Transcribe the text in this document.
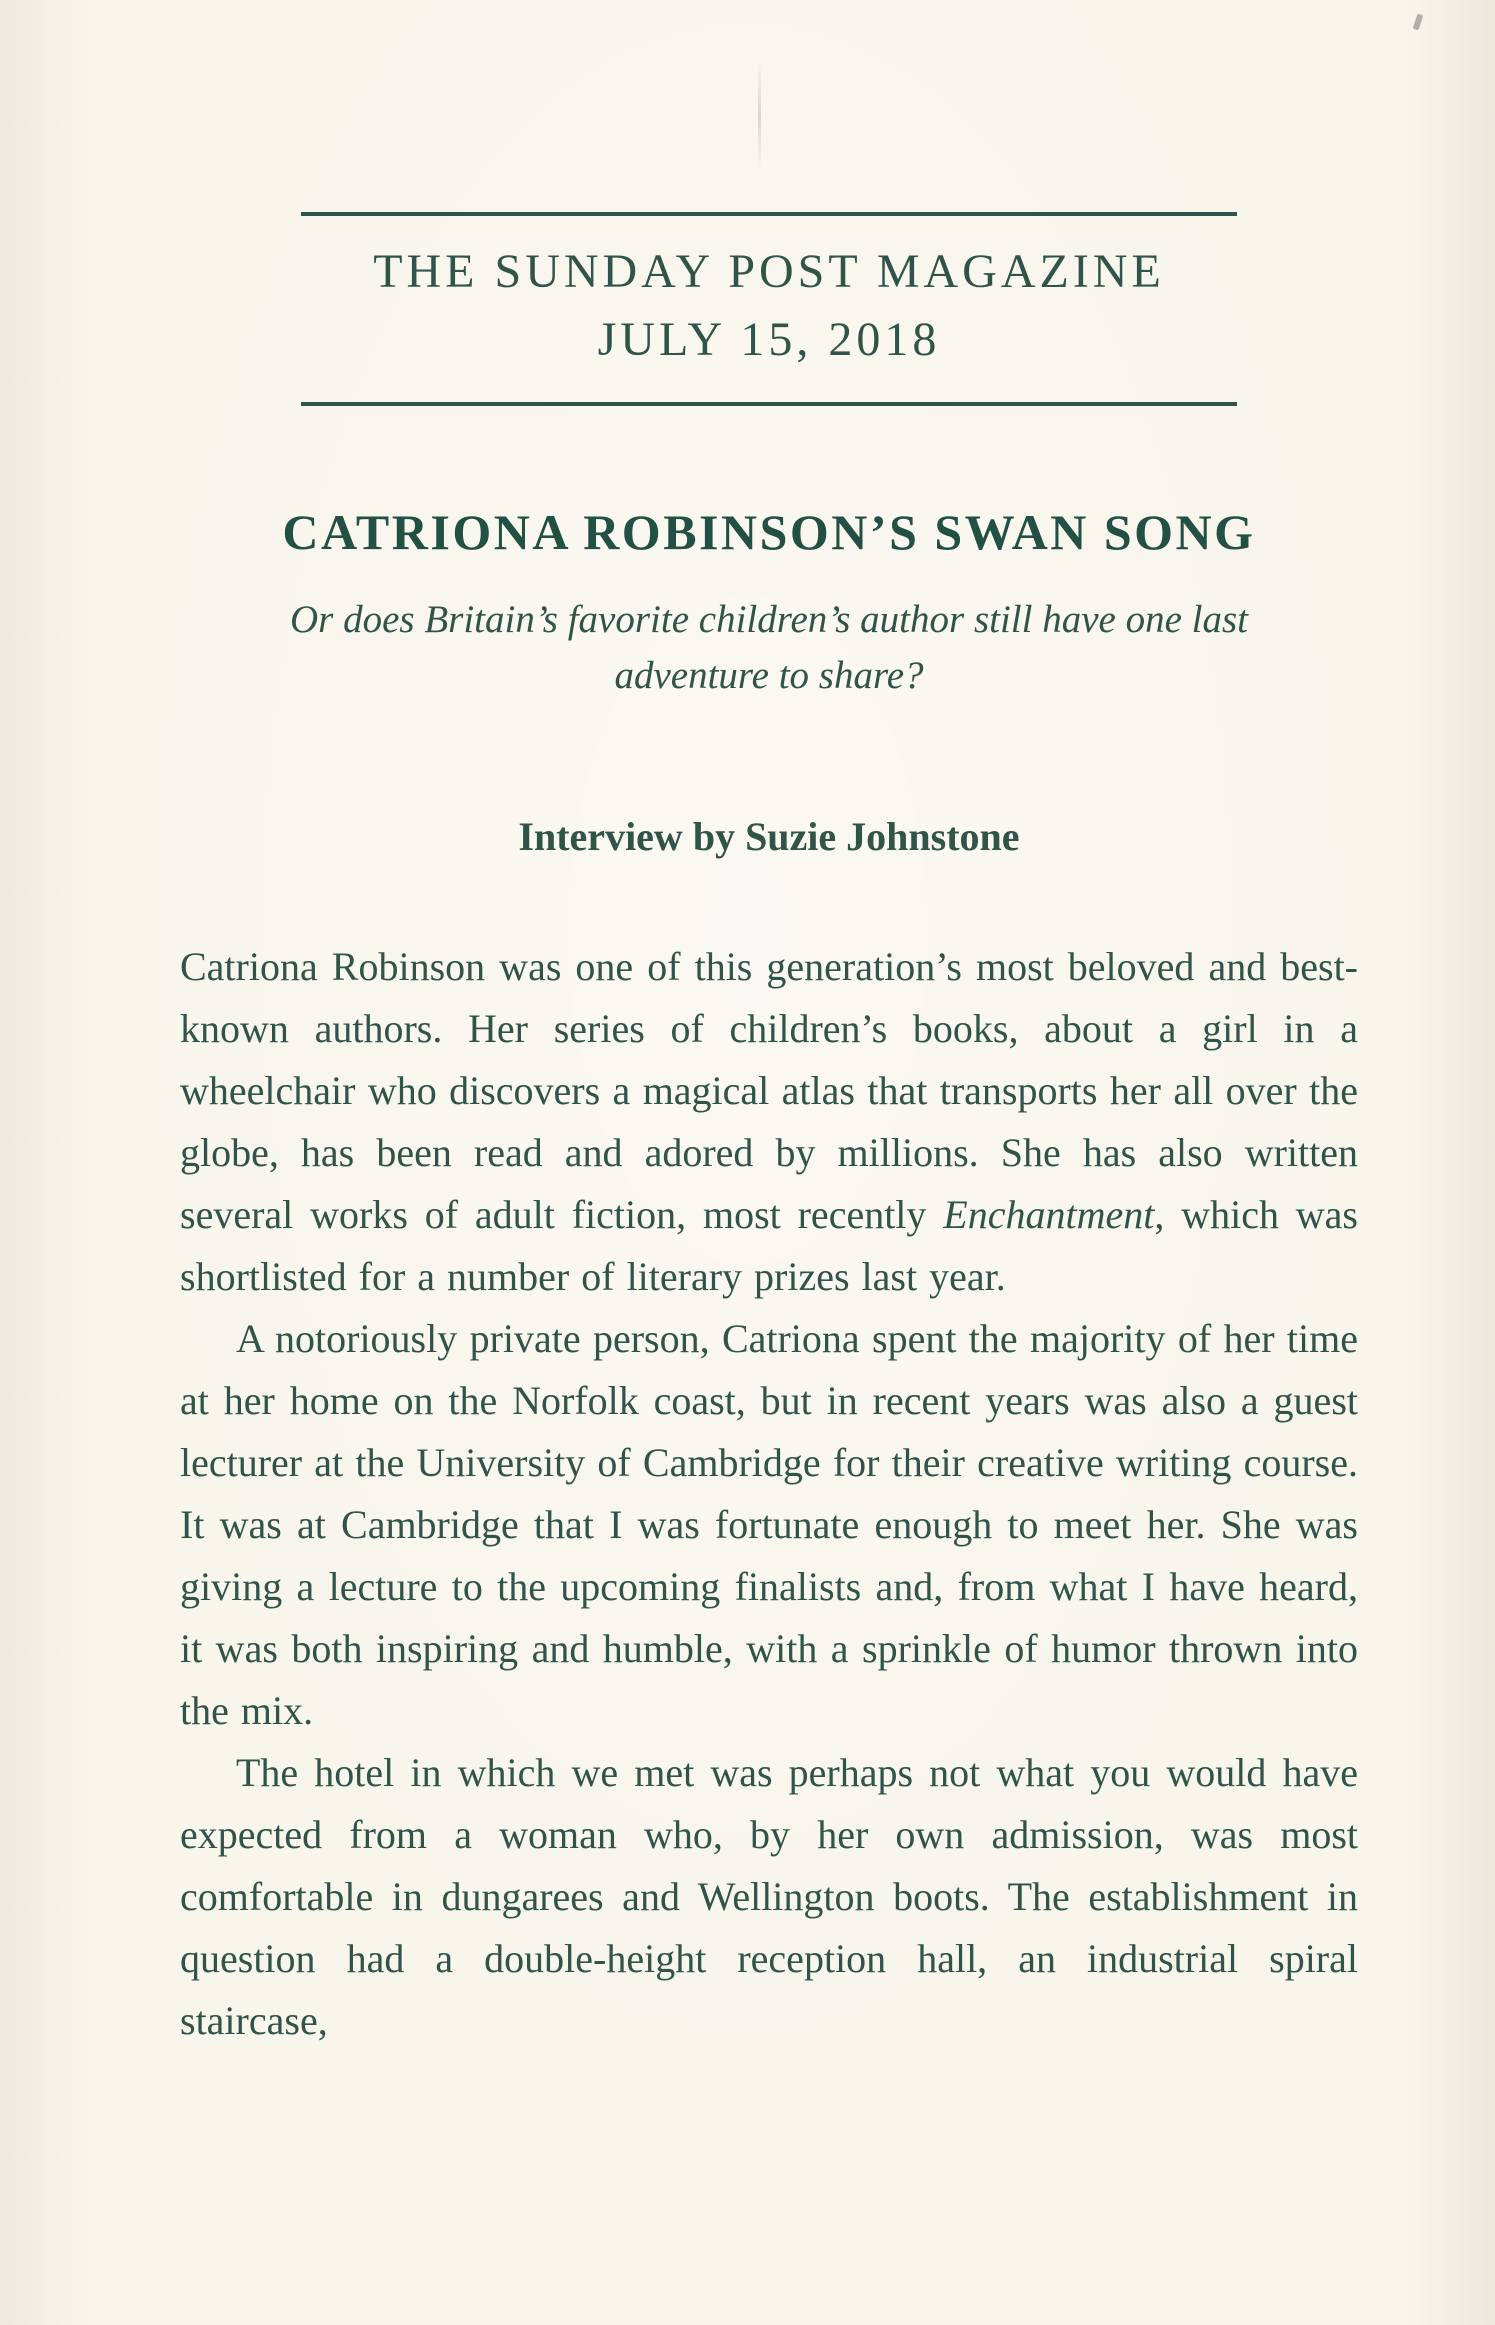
THE SUNDAY POST MAGAZINE
JULY 15, 2018
CATRIONA ROBINSON’S SWAN SONG
Or does Britain’s favorite children’s author still have one last adventure to share?
Interview by Suzie Johnstone

Catriona Robinson was one of this generation’s most beloved and best-known authors. Her series of children’s books, about a girl in a wheelchair who discovers a magical atlas that transports her all over the globe, has been read and adored by millions. She has also written several works of adult fiction, most recently Enchantment, which was shortlisted for a number of literary prizes last year.

A notoriously private person, Catriona spent the majority of her time at her home on the Norfolk coast, but in recent years was also a guest lecturer at the University of Cambridge for their creative writing course. It was at Cambridge that I was fortunate enough to meet her. She was giving a lecture to the upcoming finalists and, from what I have heard, it was both inspiring and humble, with a sprinkle of humor thrown into the mix.

The hotel in which we met was perhaps not what you would have expected from a woman who, by her own admission, was most comfortable in dungarees and Wellington boots. The establishment in question had a double-height reception hall, an industrial spiral staircase,
